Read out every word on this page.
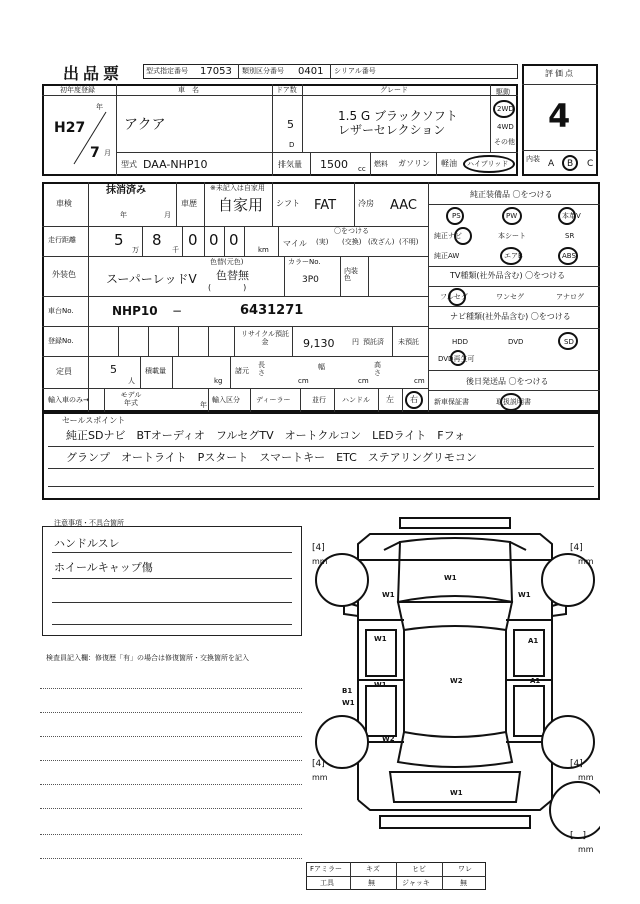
出品票	型式指定番号 17053 類別区分番号 0401 シリアル番号	評価点
4
内装 A B C
初年度登録
年
H27
7 月
車　名
アクア
ドア数
5
D
グレード
1.5 G ブラックソフト
レザーセレクション
駆動
2WD
4WD
その他
型式 DAA-NHP10	排気量 1500 cc
燃料 ガソリン 軽油 ハイブリッド
車検
抹消済み
年	月
車歴
※未記入は自家用
自家用 シフト FAT	冷房 AAC
走行距離	5
万
8
千
0 0 0
km
マイル
〇をつける
(実) (交換) (改ざん) (不明)
外装色	スーパーレッドV
色替(元色)
色替無
(　　　　)
カラーNo.
3P0
内装色
車台No.	NHP10 −	6431271
登録No.
リサイクル預託金	9,130	円 預託済 未預託
定員	5
人
積載量
kg
諸元
長さ
cm
幅
cm
高さ
cm
輸入車のみ→
モデル年式	年
輸入区分 ディーラー	並行 ハンドル 左 右
純正装備品 〇をつける
PS	PW	本革V
純正ナビ	本シート	SR
純正AW	エアB	ABS
TV種類(社外品含む) 〇をつける
フルセグ	ワンセグ	アナログ
ナビ種類(社外品含む) 〇をつける
HDD	DVD	SD
DVD再生可
後日発送品 〇をつける
新車保証書	取扱説明書
セールスポイント
純正SDナビ　BTオーディオ　フルセグTV　オートクルコン　LEDライト　Fフォ
グランプ　オートライト　Pスタート　スマートキー　ETC　ステアリングリモコン
注意事項・不具合箇所
ハンドルスレ
ホイールキャップ傷
検査員記入欄：修復歴「有」の場合は修復箇所・交換箇所を記入
[4]
mm
[4]
mm
[4]
mm
[4]
mm
[　]
mm
W1
W1	W1
W1	A1
W1	W2	A1
B1
W1
W2
W1
Fアミラー	キズ	ヒビ	ワレ
工具	無	ジャッキ	無
